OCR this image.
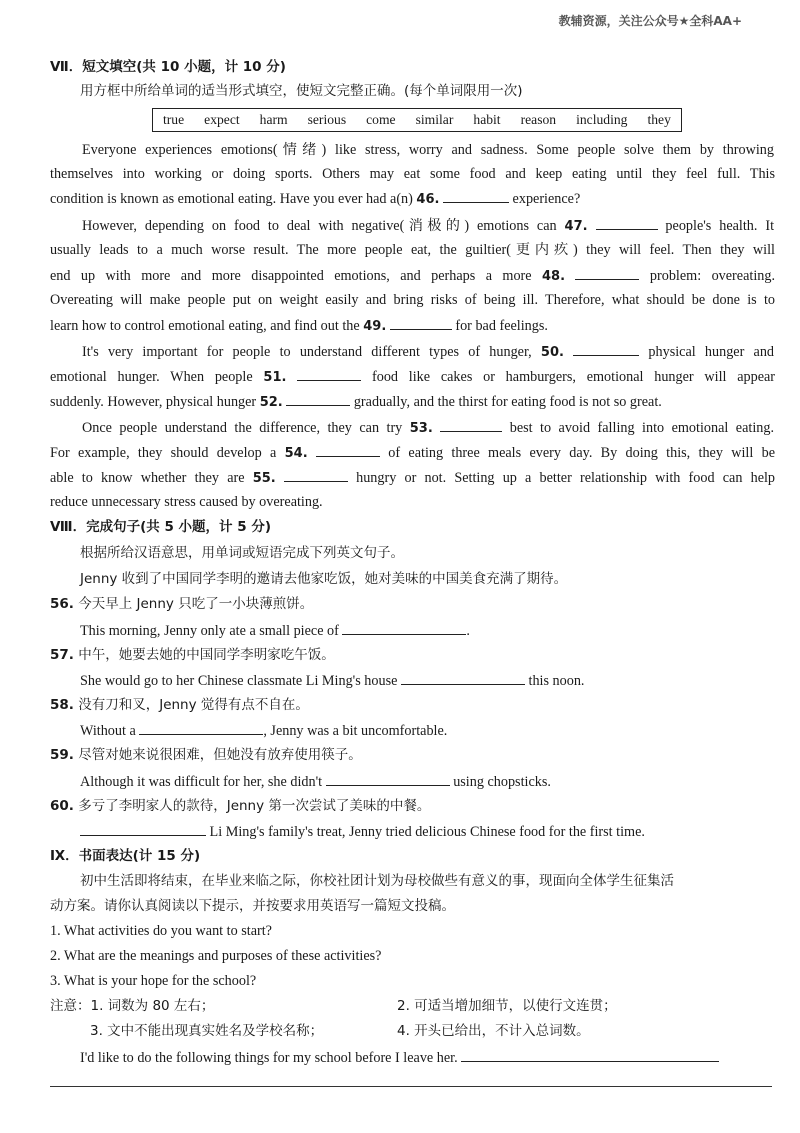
教辅资源，关注公众号★全科AA+
Ⅶ．短文填空(共 10 小题，计 10 分)
用方框中所给单词的适当形式填空，使短文完整正确。(每个单词限用一次)
true expect harm serious come similar habit reason including they
Everyone experiences emotions(情绪) like stress, worry and sadness. Some people solve them by throwing
themselves into working or doing sports. Others may eat some food and keep eating until they feel full. This
condition is known as emotional eating. Have you ever had a(n) 46.	experience?
However, depending on food to deal with negative(消极的) emotions can 47.	people's health. It
usually leads to a much worse result. The more people eat, the guiltier(更内疚) they will feel. Then they will
end up with more and more disappointed emotions, and perhaps a more 48.	problem: overeating.
Overeating will make people put on weight easily and bring risks of being ill. Therefore, what should be done is to
learn how to control emotional eating, and find out the 49.	for bad feelings.
It's very important for people to understand different types of hunger, 50.	physical hunger and
emotional hunger. When people 51.	food like cakes or hamburgers, emotional hunger will appear
suddenly. However, physical hunger 52.	gradually, and the thirst for eating food is not so great.
Once people understand the difference, they can try 53.	best to avoid falling into emotional eating.
For example, they should develop a 54.	of eating three meals every day. By doing this, they will be
able to know whether they are 55.	hungry or not. Setting up a better relationship with food can help
reduce unnecessary stress caused by overeating.
Ⅷ．完成句子(共 5 小题，计 5 分)
根据所给汉语意思，用单词或短语完成下列英文句子。
Jenny 收到了中国同学李明的邀请去他家吃饭，她对美味的中国美食充满了期待。
56. 今天早上 Jenny 只吃了一小块薄煎饼。
This morning, Jenny only ate a small piece of	.
57. 中午，她要去她的中国同学李明家吃午饭。
She would go to her Chinese classmate Li Ming's house	this noon.
58. 没有刀和叉，Jenny 觉得有点不自在。
Without a	, Jenny was a bit uncomfortable.
59. 尽管对她来说很困难，但她没有放弃使用筷子。
Although it was difficult for her, she didn't	using chopsticks.
60. 多亏了李明家人的款待，Jenny 第一次尝试了美味的中餐。
Li Ming's family's treat, Jenny tried delicious Chinese food for the first time.
Ⅸ．书面表达(计 15 分)
初中生活即将结束，在毕业来临之际，你校社团计划为母校做些有意义的事，现面向全体学生征集活
动方案。请你认真阅读以下提示，并按要求用英语写一篇短文投稿。
1. What activities do you want to start?
2. What are the meanings and purposes of these activities?
3. What is your hope for the school?
注意：1. 词数为 80 左右；	2. 可适当增加细节，以使行文连贯；
3. 文中不能出现真实姓名及学校名称；	4. 开头已给出，不计入总词数。
I'd like to do the following things for my school before I leave her.
